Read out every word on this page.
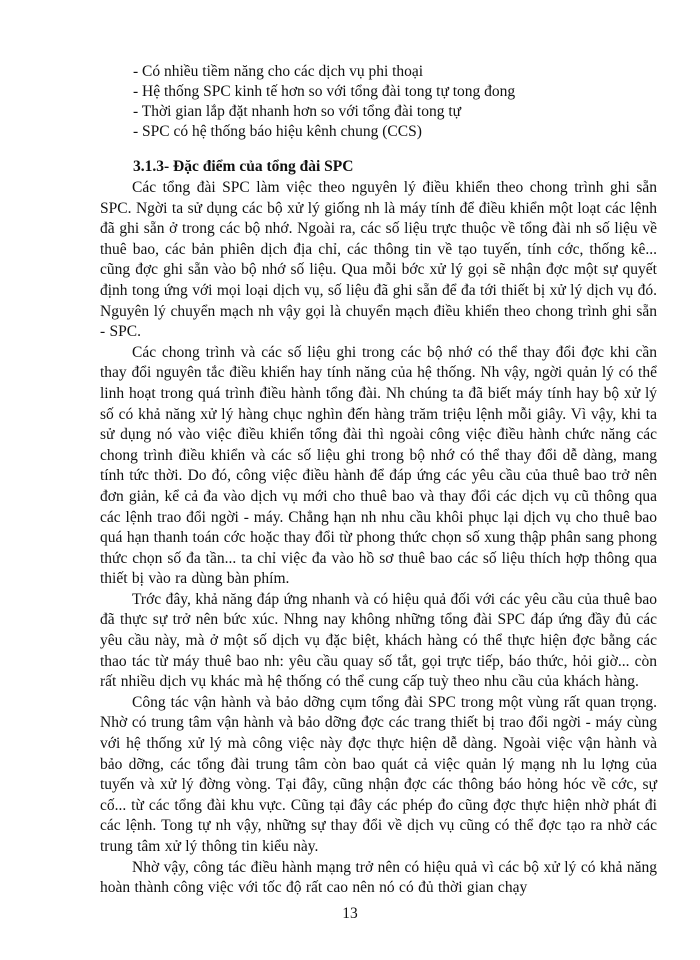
- Có nhiều tiềm năng cho các dịch vụ phi thoại
- Hệ thống SPC kinh tế hơn so với tổng đài tong tự tong đong
- Thời gian lắp đặt nhanh hơn so với tổng đài tong tự
- SPC có hệ thống báo hiệu kênh chung (CCS)
3.1.3- Đặc điểm của tổng đài SPC

Các tổng đài SPC làm việc theo nguyên lý điều khiển theo chong trình ghi sẵn SPC. Ngời ta sử dụng các bộ xử lý giống nh là máy tính để điều khiển một loạt các lệnh đã ghi sẵn ở trong các bộ nhớ. Ngoài ra, các số liệu trực thuộc về tổng đài nh số liệu về thuê bao, các bản phiên dịch địa chỉ, các thông tin về tạo tuyến, tính cớc, thống kê... cũng đợc ghi sẵn vào bộ nhớ số liệu. Qua mỗi bớc xử lý gọi sẽ nhận đợc một sự quyết định tong ứng với mọi loại dịch vụ, số liệu đã ghi sẵn để đa tới thiết bị xử lý dịch vụ đó. Nguyên lý chuyển mạch nh vậy gọi là chuyển mạch điều khiển theo chong trình ghi sẵn - SPC.

Các chong trình và các số liệu ghi trong các bộ nhớ có thể thay đổi đợc khi cần thay đổi nguyên tắc điều khiển hay tính năng của hệ thống. Nh vậy, ngời quản lý có thể linh hoạt trong quá trình điều hành tổng đài. Nh chúng ta đã biết máy tính hay bộ xử lý số có khả năng xử lý hàng chục nghìn đến hàng trăm triệu lệnh mỗi giây. Vì vậy, khi ta sử dụng nó vào việc điều khiển tổng đài thì ngoài công việc điều hành chức năng các chong trình điều khiển và các số liệu ghi trong bộ nhớ có thể thay đổi dễ dàng, mang tính tức thời. Do đó, công việc điều hành để đáp ứng các yêu cầu của thuê bao trở nên đơn giản, kể cả đa vào dịch vụ mới cho thuê bao và thay đổi các dịch vụ cũ thông qua các lệnh trao đổi ngời - máy. Chẳng hạn nh nhu cầu khôi phục lại dịch vụ cho thuê bao quá hạn thanh toán cớc hoặc thay đổi từ phong thức chọn số xung thập phân sang phong thức chọn số đa tần... ta chỉ việc đa vào hồ sơ thuê bao các số liệu thích hợp thông qua thiết bị vào ra dùng bàn phím.

Trớc đây, khả năng đáp ứng nhanh và có hiệu quả đối với các yêu cầu của thuê bao đã thực sự trở nên bức xúc. Nhng nay không những tổng đài SPC đáp ứng đầy đủ các yêu cầu này, mà ở một số dịch vụ đặc biệt, khách hàng có thể thực hiện đợc bằng các thao tác từ máy thuê bao nh: yêu cầu quay số tắt, gọi trực tiếp, báo thức, hỏi giờ... còn rất nhiều dịch vụ khác mà hệ thống có thể cung cấp tuỳ theo nhu cầu của khách hàng.

Công tác vận hành và bảo dỡng cụm tổng đài SPC trong một vùng rất quan trọng. Nhờ có trung tâm vận hành và bảo dỡng đợc các trang thiết bị trao đổi ngời - máy cùng với hệ thống xử lý mà công việc này đợc thực hiện dễ dàng. Ngoài việc vận hành và bảo dỡng, các tổng đài trung tâm còn bao quát cả việc quản lý mạng nh lu lợng của tuyến và xử lý đờng vòng. Tại đây, cũng nhận đợc các thông báo hỏng hóc về cớc, sự cố... từ các tổng đài khu vực. Cũng tại đây các phép đo cũng đợc thực hiện nhờ phát đi các lệnh. Tong tự nh vậy, những sự thay đổi về dịch vụ cũng có thể đợc tạo ra nhờ các trung tâm xử lý thông tin kiểu này.

Nhờ vậy, công tác điều hành mạng trở nên có hiệu quả vì các bộ xử lý có khả năng hoàn thành công việc với tốc độ rất cao nên nó có đủ thời gian chạy

13
